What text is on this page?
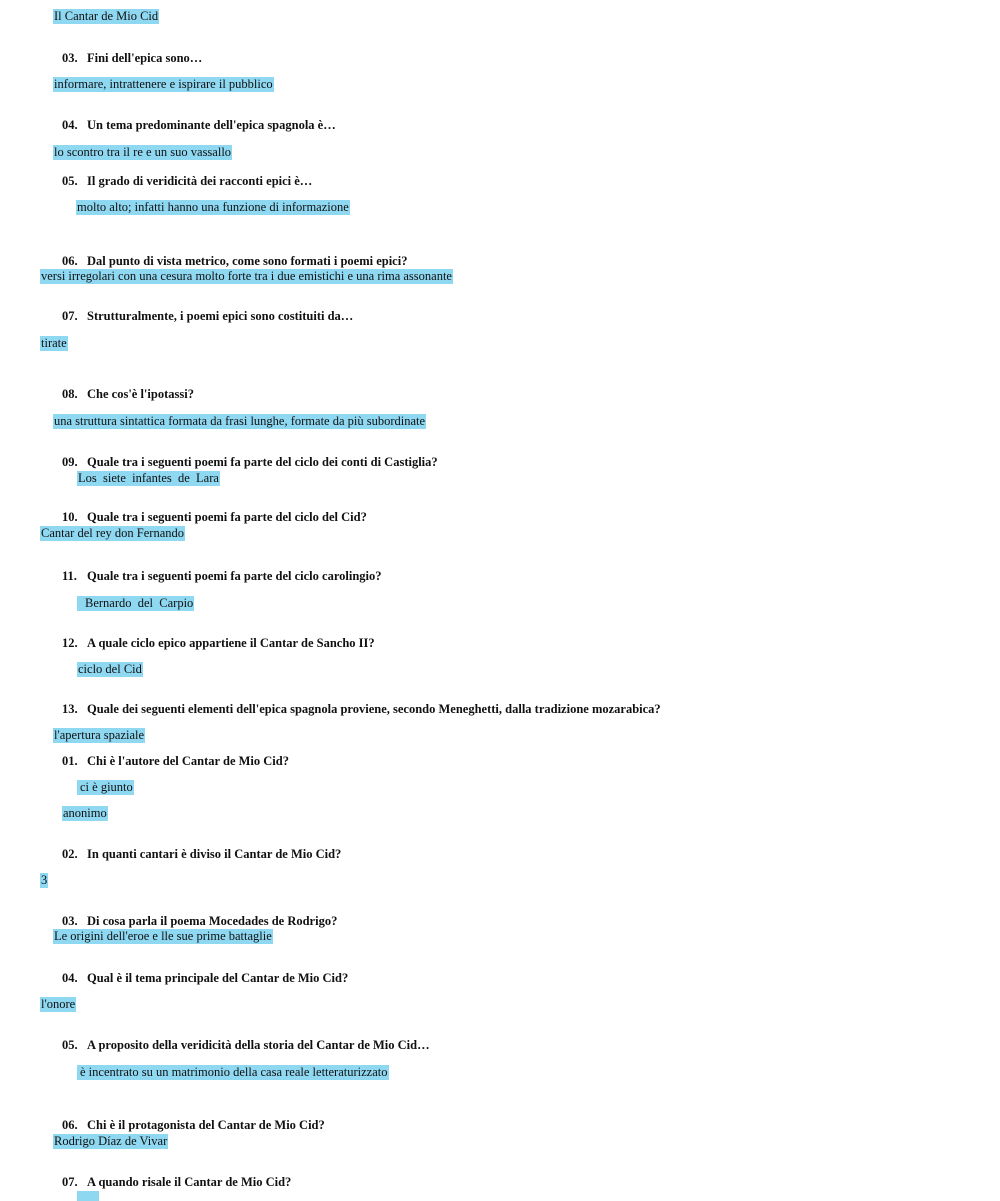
Il Cantar de Mio Cid
03. Fini dell'epica sono…
informare, intrattenere e ispirare il pubblico
04. Un tema predominante dell'epica spagnola è…
lo scontro tra il re e un suo vassallo
05. Il grado di veridicità dei racconti epici è…
molto alto; infatti hanno una funzione di informazione
06. Dal punto di vista metrico, come sono formati i poemi epici?
versi irregolari con una cesura molto forte tra i due emistichi e una rima assonante
07. Strutturalmente, i poemi epici sono costituiti da…
tirate
08. Che cos'è l'ipotassi?
una struttura sintattica formata da frasi lunghe, formate da più subordinate
09. Quale tra i seguenti poemi fa parte del ciclo dei conti di Castiglia?
Los  siete  infantes  de  Lara
10. Quale tra i seguenti poemi fa parte del ciclo del Cid?
Cantar del rey don Fernando
11. Quale tra i seguenti poemi fa parte del ciclo carolingio?
Bernardo  del  Carpio
12. A quale ciclo epico appartiene il Cantar de Sancho II?
ciclo del Cid
13. Quale dei seguenti elementi dell'epica spagnola proviene, secondo Meneghetti, dalla tradizione mozarabica?
l'apertura spaziale
01. Chi è l'autore del Cantar de Mio Cid?
ci è giunto
anonimo
02. In quanti cantari è diviso il Cantar de Mio Cid?
3
03. Di cosa parla il poema Mocedades de Rodrigo?
Le origini dell'eroe e lle sue prime battaglie
04. Qual è il tema principale del Cantar de Mio Cid?
l'onore
05. A proposito della veridicità della storia del Cantar de Mio Cid…
è incentrato su un matrimonio della casa reale letteraturizzato
06. Chi è il protagonista del Cantar de Mio Cid?
Rodrigo Díaz de Vivar
07. A quando risale il Cantar de Mio Cid?
